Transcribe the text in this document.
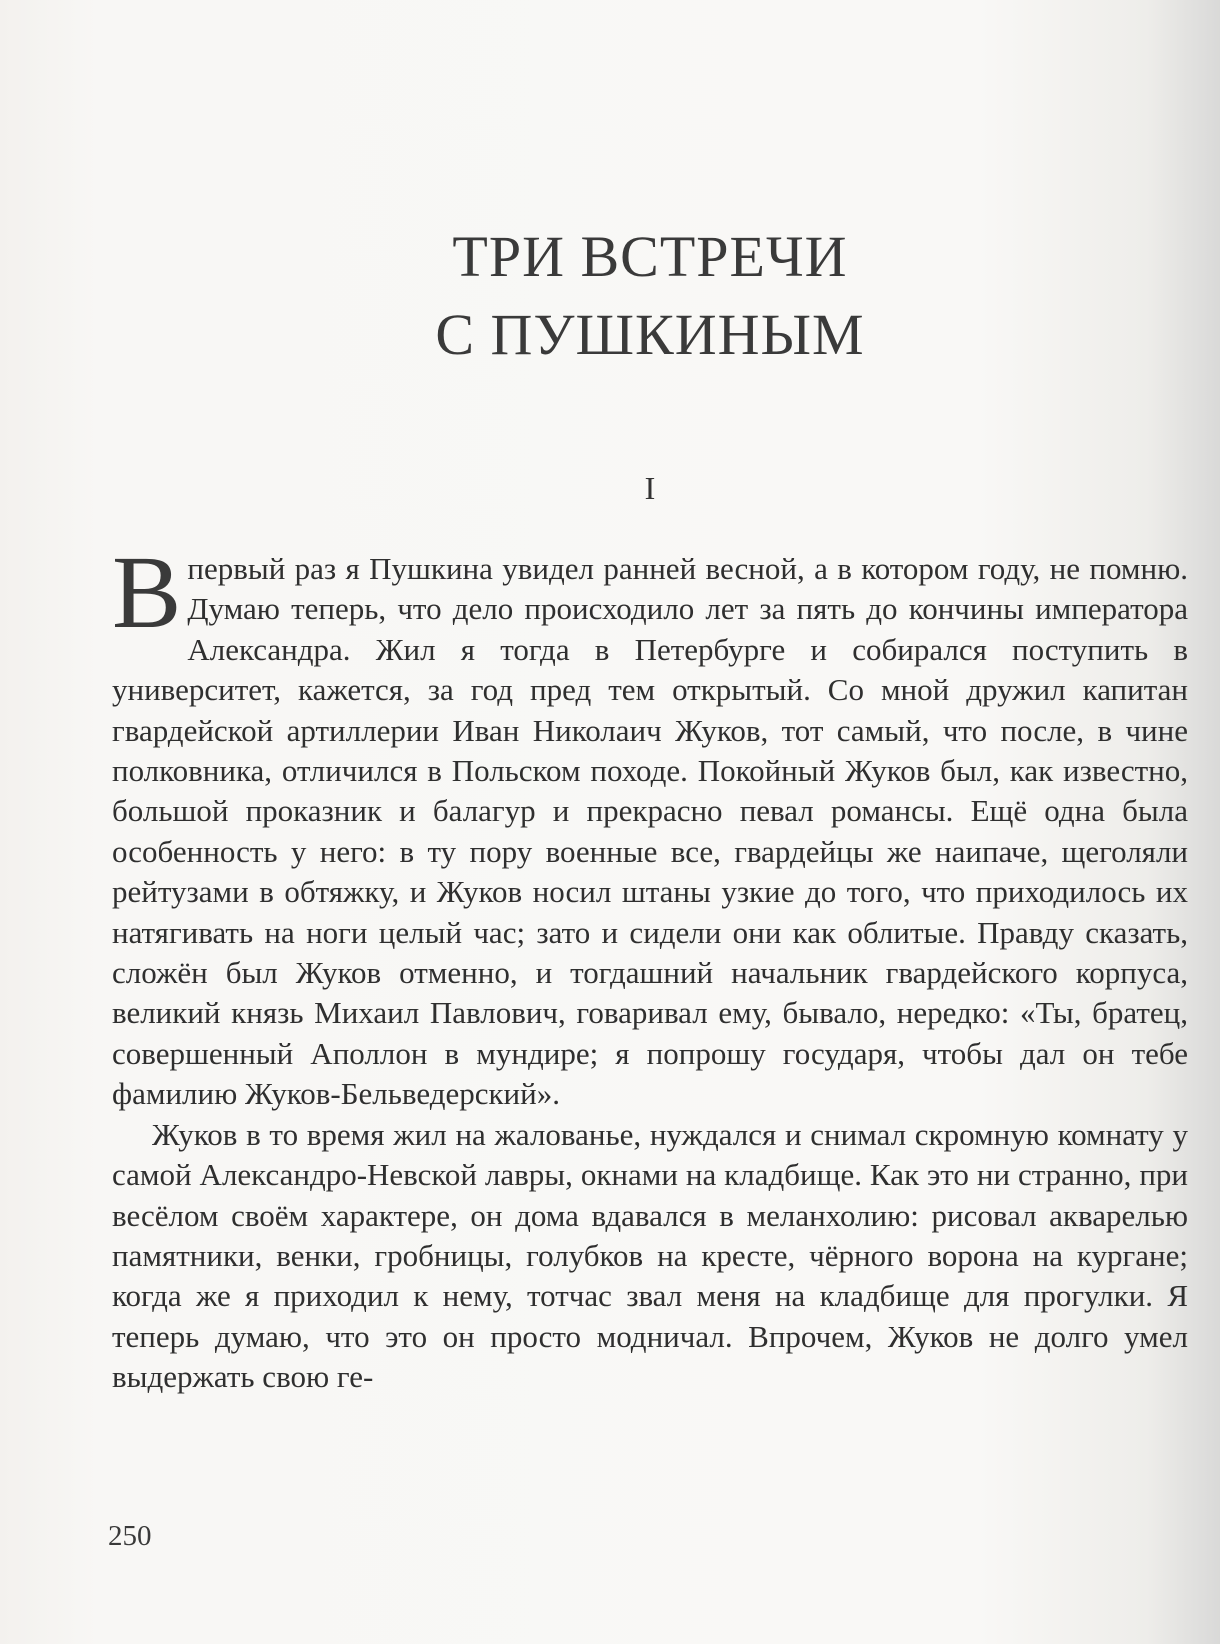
ТРИ ВСТРЕЧИ
С ПУШКИНЫМ
I

В первый раз я Пушкина увидел ранней весной, а в котором году, не помню. Думаю теперь, что дело происходило лет за пять до кончины императора Александра. Жил я тогда в Петербурге и собирался поступить в университет, кажется, за год пред тем открытый. Со мной дружил капитан гвардейской артиллерии Иван Николаич Жуков, тот самый, что после, в чине полковника, отличился в Польском походе. Покойный Жуков был, как известно, большой проказник и балагур и прекрасно певал романсы. Ещё одна была особенность у него: в ту пору военные все, гвардейцы же наипаче, щеголяли рейтузами в обтяжку, и Жуков носил штаны узкие до того, что приходилось их натягивать на ноги целый час; зато и сидели они как облитые. Правду сказать, сложён был Жуков отменно, и тогдашний начальник гвардейского корпуса, великий князь Михаил Павлович, говаривал ему, бывало, нередко: «Ты, братец, совершенный Аполлон в мундире; я попрошу государя, чтобы дал он тебе фамилию Жуков-Бельведерский».

Жуков в то время жил на жалованье, нуждался и снимал скромную комнату у самой Александро-Невской лавры, окнами на кладбище. Как это ни странно, при весёлом своём характере, он дома вдавался в меланхолию: рисовал акварелью памятники, венки, гробницы, голубков на кресте, чёрного ворона на кургане; когда же я приходил к нему, тотчас звал меня на кладбище для прогулки. Я теперь думаю, что это он просто модничал. Впрочем, Жуков не долго умел выдержать свою ге-

250
